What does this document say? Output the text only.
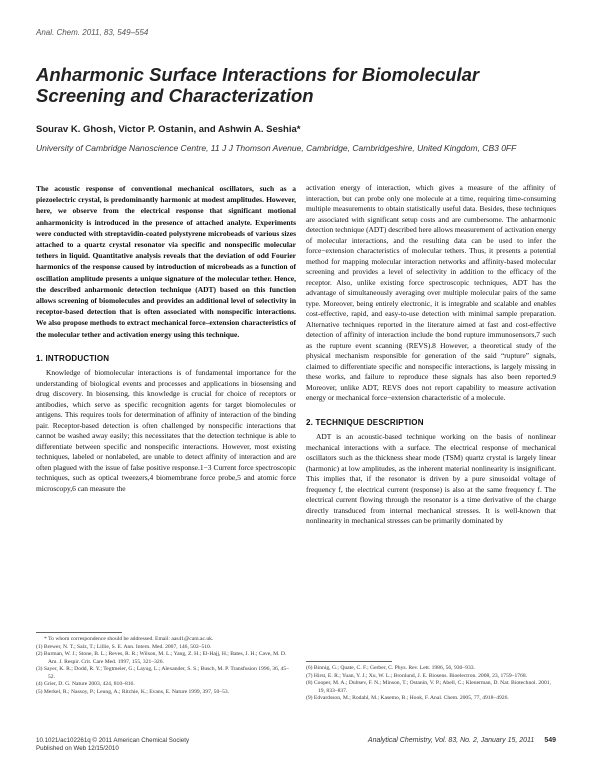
Anal. Chem. 2011, 83, 549–554
Anharmonic Surface Interactions for Biomolecular Screening and Characterization
Sourav K. Ghosh, Victor P. Ostanin, and Ashwin A. Seshia*
University of Cambridge Nanoscience Centre, 11 J J Thomson Avenue, Cambridge, Cambridgeshire, United Kingdom, CB3 0FF
The acoustic response of conventional mechanical oscillators, such as a piezoelectric crystal, is predominantly harmonic at modest amplitudes. However, here, we observe from the electrical response that significant motional anharmonicity is introduced in the presence of attached analyte. Experiments were conducted with streptavidin-coated polystyrene microbeads of various sizes attached to a quartz crystal resonator via specific and nonspecific molecular tethers in liquid. Quantitative analysis reveals that the deviation of odd Fourier harmonics of the response caused by introduction of microbeads as a function of oscillation amplitude presents a unique signature of the molecular tether. Hence, the described anharmonic detection technique (ADT) based on this function allows screening of biomolecules and provides an additional level of selectivity in receptor-based detection that is often associated with nonspecific interactions. We also propose methods to extract mechanical force–extension characteristics of the molecular tether and activation energy using this technique.
1. INTRODUCTION
Knowledge of biomolecular interactions is of fundamental importance for the understanding of biological events and processes and applications in biosensing and drug discovery. In biosensing, this knowledge is crucial for choice of receptors or antibodies, which serve as specific recognition agents for target biomolecules or antigens. This requires tools for determination of affinity of interaction of the binding pair. Receptor-based detection is often challenged by nonspecific interactions that cannot be washed away easily; this necessitates that the detection technique is able to differentiate between specific and nonspecific interactions. However, most existing techniques, labeled or nonlabeled, are unable to detect affinity of interaction and are often plagued with the issue of false positive response.1−3 Current force spectroscopic techniques, such as optical tweezers,4 biomembrane force probe,5 and atomic force microscopy,6 can measure the
activation energy of interaction, which gives a measure of the affinity of interaction, but can probe only one molecule at a time, requiring time-consuming multiple measurements to obtain statistically useful data. Besides, these techniques are associated with significant setup costs and are cumbersome. The anharmonic detection technique (ADT) described here allows measurement of activation energy of molecular interactions, and the resulting data can be used to infer the force−extension characteristics of molecular tethers. Thus, it presents a potential method for mapping molecular interaction networks and affinity-based molecular screening and provides a level of selectivity in addition to the efficacy of the receptor. Also, unlike existing force spectroscopic techniques, ADT has the advantage of simultaneously averaging over multiple molecular pairs of the same type. Moreover, being entirely electronic, it is integrable and scalable and enables cost-effective, rapid, and easy-to-use detection with minimal sample preparation. Alternative techniques reported in the literature aimed at fast and cost-effective detection of affinity of interaction include the bond rupture immunosensors,7 such as the rupture event scanning (REVS).8 However, a theoretical study of the physical mechanism responsible for generation of the said “rupture” signals, claimed to differentiate specific and nonspecific interactions, is largely missing in these works, and failure to reproduce these signals has also been reported.9 Moreover, unlike ADT, REVS does not report capability to measure activation energy or mechanical force−extension characteristic of a molecule.
2. TECHNIQUE DESCRIPTION
ADT is an acoustic-based technique working on the basis of nonlinear mechanical interactions with a surface. The electrical response of mechanical oscillators such as the thickness shear mode (TSM) quartz crystal is largely linear (harmonic) at low amplitudes, as the inherent material nonlinearity is insignificant. This implies that, if the resonator is driven by a pure sinusoidal voltage of frequency f, the electrical current (response) is also at the same frequency f. The electrical current flowing through the resonator is a time derivative of the charge directly transduced from internal mechanical stresses. It is well-known that nonlinearity in mechanical stresses can be primarily dominated by
* To whom correspondence should be addressed. Email: aas41@cam.ac.uk.
(1) Brewer, N. T.; Salz, T.; Lillie, S. E. Ann. Intern. Med. 2007, 146, 502–510.
(2) Burman, W. J.; Stone, B. L.; Reves, R. R.; Wilson, M. L.; Yang, Z. H.; El-Hajj, H.; Bates, J. H.; Cave, M. D. Am. J. Respir. Crit. Care Med. 1997, 155, 321–326.
(3) Sayer, K. R.; Dodd, R. Y.; Tegtmeier, G.; Layug, L.; Alexander, S. S.; Busch, M. P. Transfusion 1996, 36, 45–52.
(4) Grier, D. G. Nature 2003, 424, 810–816.
(5) Merkel, R.; Nassoy, P.; Leung, A.; Ritchie, K.; Evans, E. Nature 1999, 397, 50–53.
(6) Binnig, G.; Quate, C. F.; Gerber, C. Phys. Rev. Lett. 1986, 56, 930–933.
(7) Hirst, E. R.; Yuan, Y. J.; Xu, W. L.; Bronlund, J. E. Biosens. Bioelectron. 2008, 23, 1759–1768.
(8) Cooper, M. A.; Dultsev, F. N.; Minson, T.; Ostanin, V. P.; Abell, C.; Klenerman, D. Nat. Biotechnol. 2001, 19, 833–837.
(9) Edvardsson, M.; Rodahl, M.; Kasemo, B.; Hook, F. Anal. Chem. 2005, 77, 4918–4926.
10.1021/ac102261q © 2011 American Chemical Society
Published on Web 12/15/2010
Analytical Chemistry, Vol. 83, No. 2, January 15, 2011 549
